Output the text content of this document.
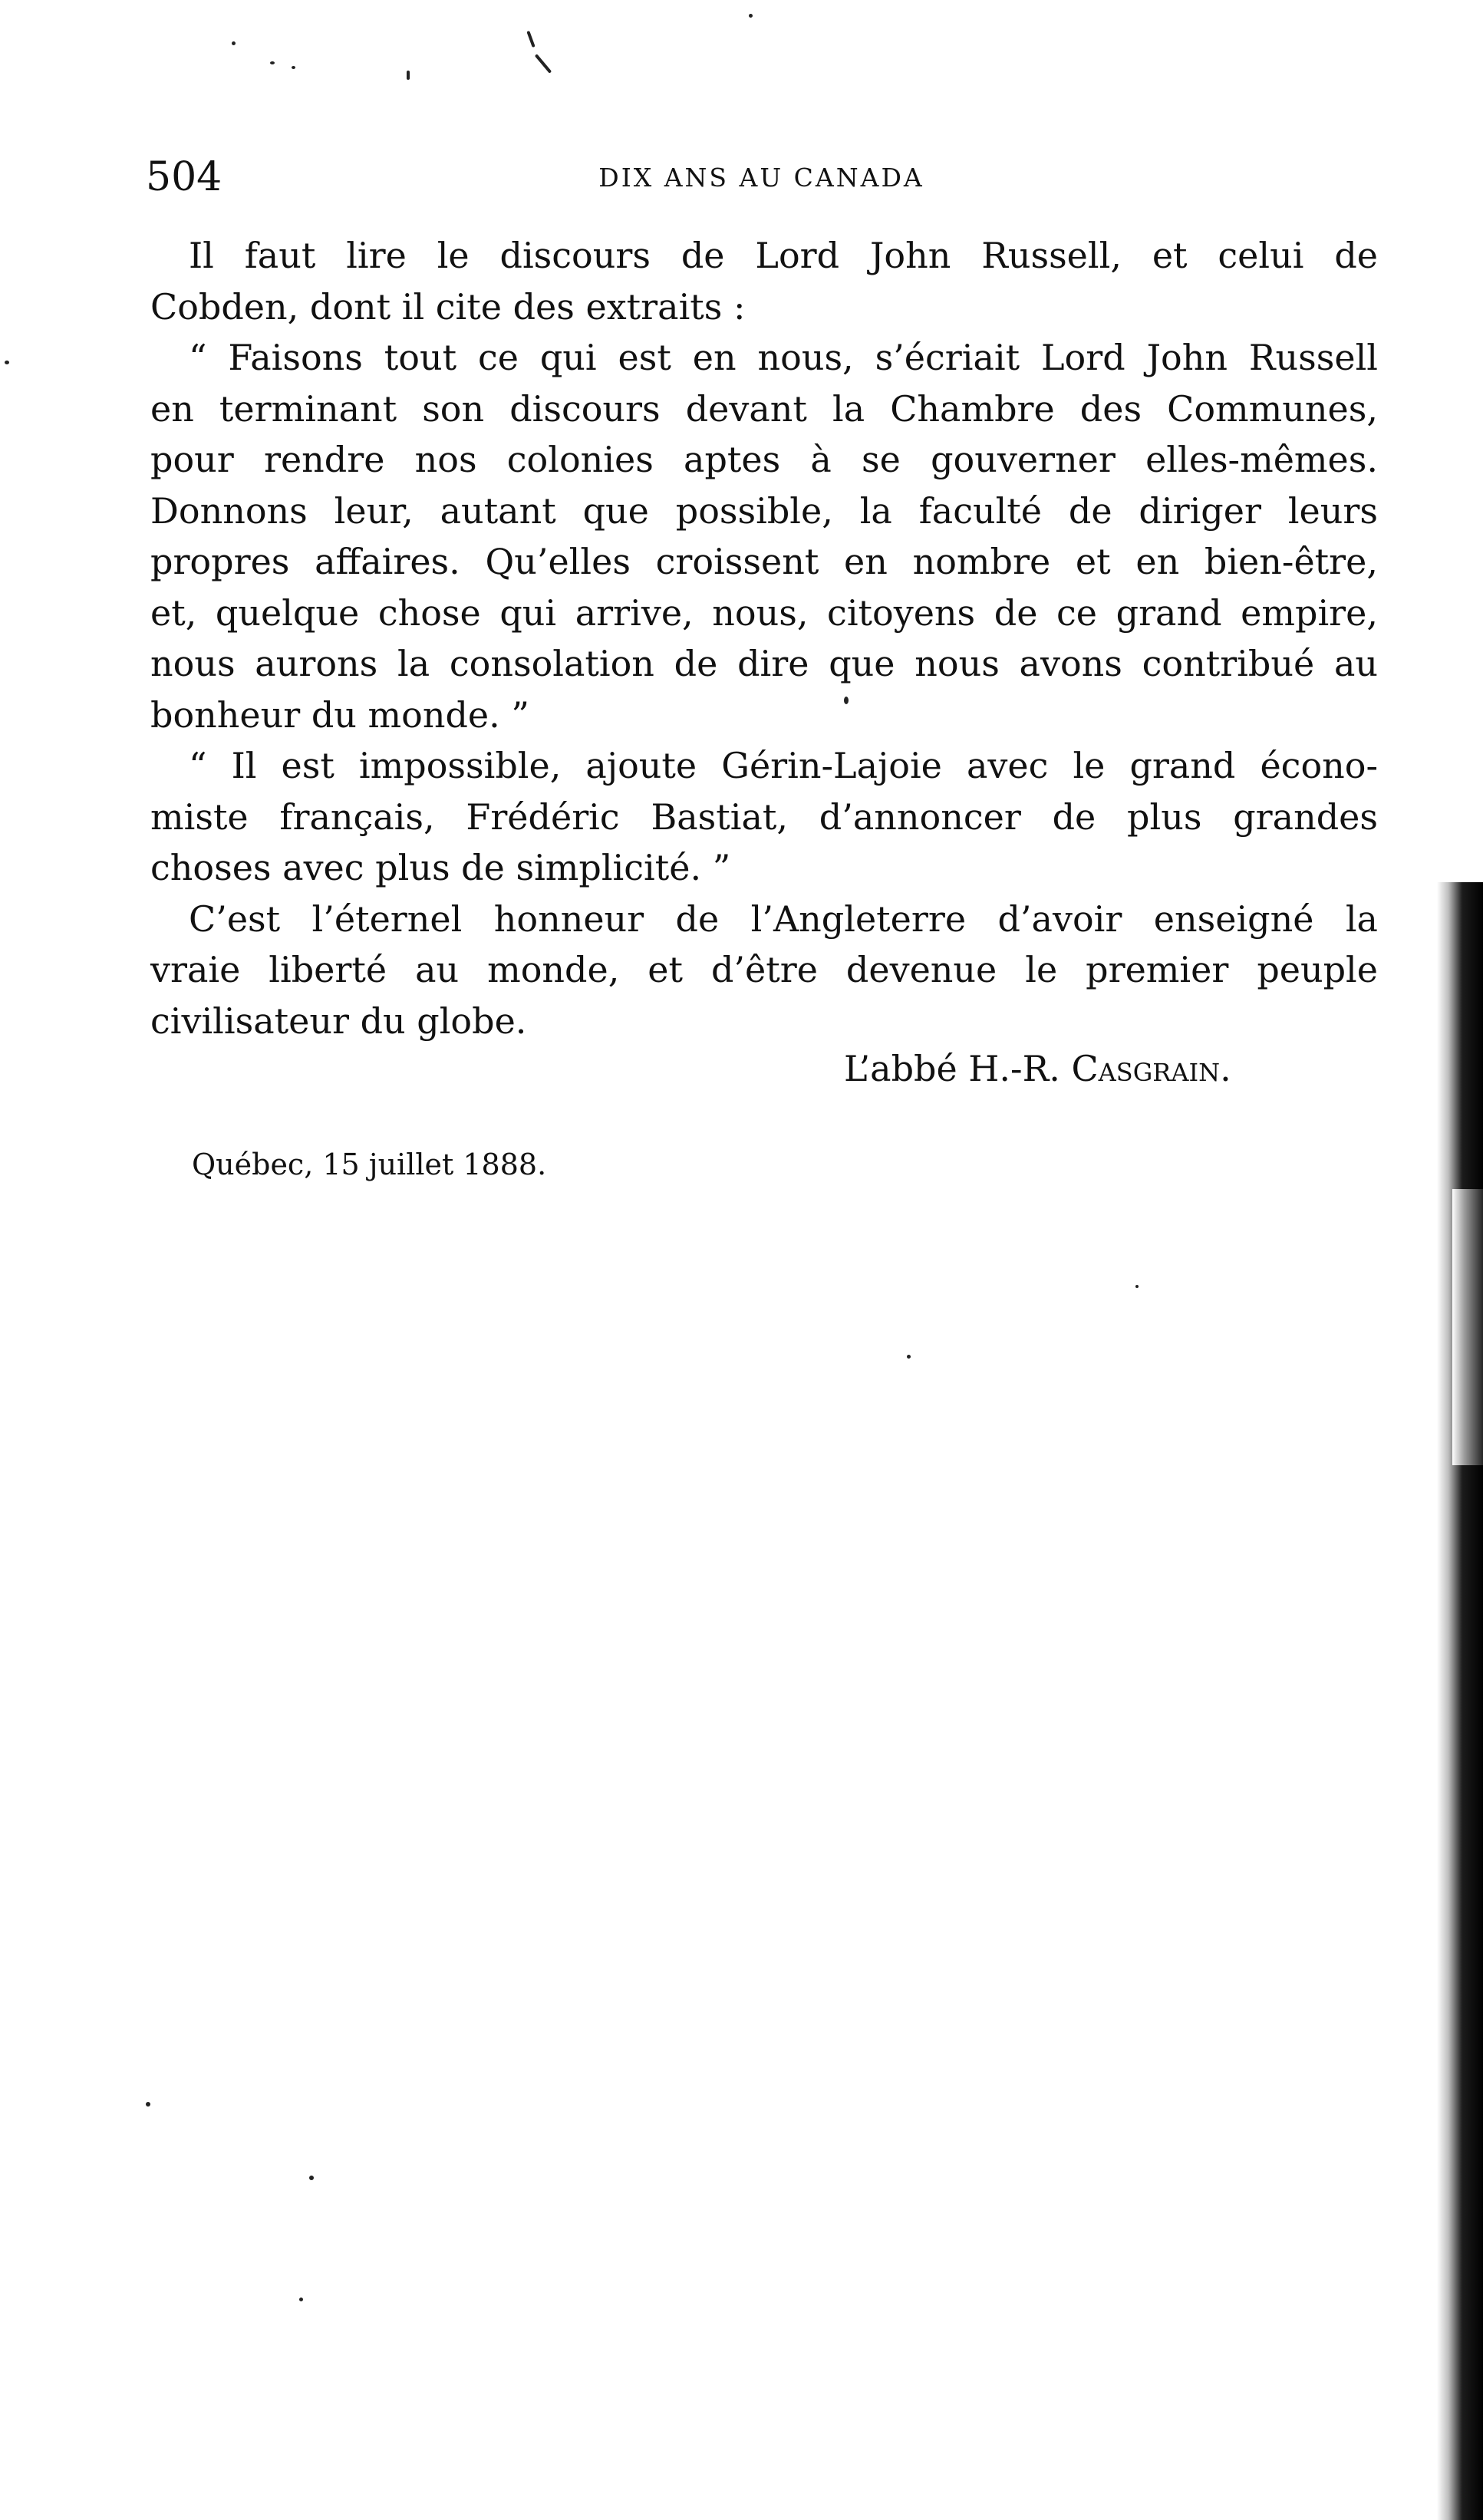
504	DIX ANS AU CANADA
Il faut lire le discours de Lord John Russell, et celui de
Cobden, dont il cite des extraits :
“ Faisons tout ce qui est en nous, s’écriait Lord John Russell
en terminant son discours devant la Chambre des Communes,
pour rendre nos colonies aptes à se gouverner elles-mêmes.
Donnons leur, autant que possible, la faculté de diriger leurs
propres affaires. Qu’elles croissent en nombre et en bien-être,
et, quelque chose qui arrive, nous, citoyens de ce grand empire,
nous aurons la consolation de dire que nous avons contribué au
bonheur du monde. ”
“ Il est impossible, ajoute Gérin-Lajoie avec le grand écono-
miste français, Frédéric Bastiat, d’annoncer de plus grandes
choses avec plus de simplicité. ”
C’est l’éternel honneur de l’Angleterre d’avoir enseigné la
vraie liberté au monde, et d’être devenue le premier peuple
civilisateur du globe.
L’abbé H.-R. Casgrain.
Québec, 15 juillet 1888.
